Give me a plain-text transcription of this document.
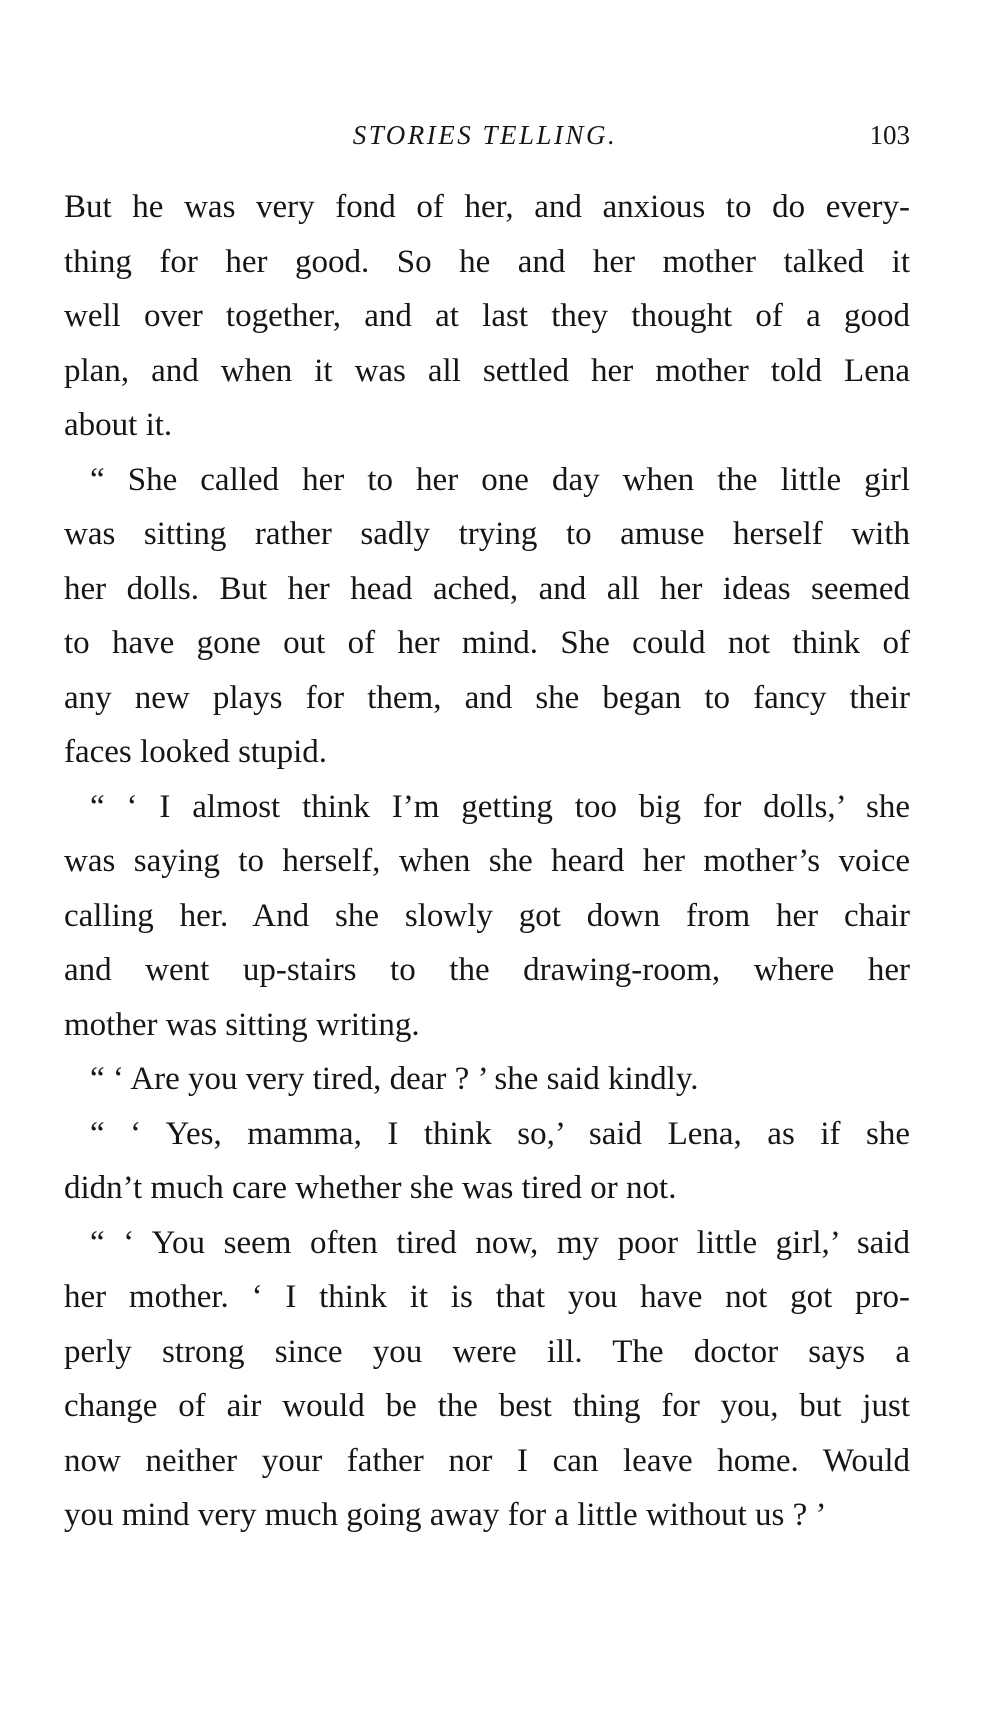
STORIES TELLING.	103
But he was very fond of her, and anxious to do every-
thing for her good. So he and her mother talked it
well over together, and at last they thought of a good
plan, and when it was all settled her mother told Lena
about it.
“ She called her to her one day when the little girl
was sitting rather sadly trying to amuse herself with
her dolls. But her head ached, and all her ideas seemed
to have gone out of her mind. She could not think of
any new plays for them, and she began to fancy their
faces looked stupid.
“ ‘ I almost think I’m getting too big for dolls,’ she
was saying to herself, when she heard her mother’s voice
calling her. And she slowly got down from her chair
and went up-stairs to the drawing-room, where her
mother was sitting writing.
“ ‘ Are you very tired, dear ? ’ she said kindly.
“ ‘ Yes, mamma, I think so,’ said Lena, as if she
didn’t much care whether she was tired or not.
“ ‘ You seem often tired now, my poor little girl,’ said
her mother. ‘ I think it is that you have not got pro-
perly strong since you were ill. The doctor says a
change of air would be the best thing for you, but just
now neither your father nor I can leave home. Would
you mind very much going away for a little without us ? ’
